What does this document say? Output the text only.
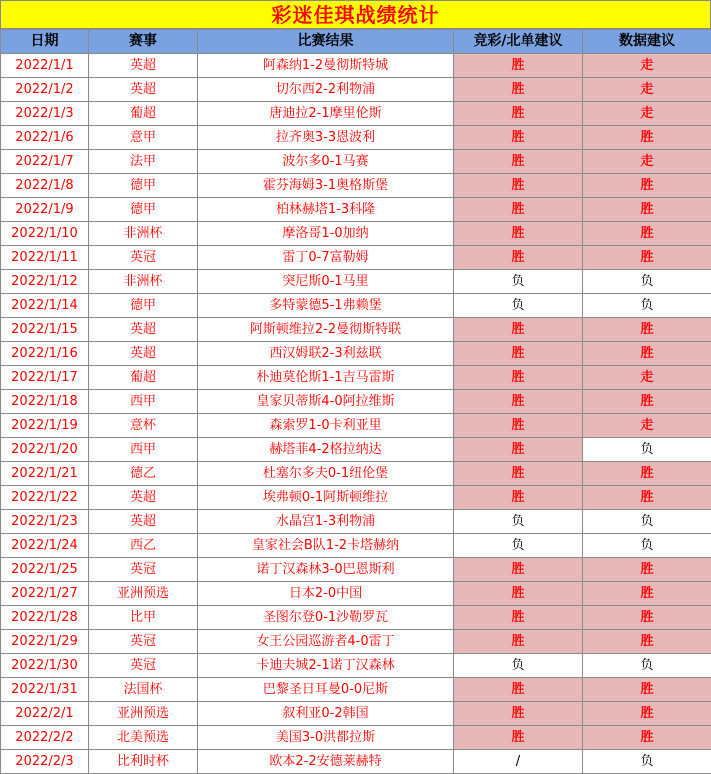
彩迷佳琪战绩统计
日期	赛事	比赛结果	竞彩/北单建议	数据建议
2022/1/1	英超	阿森纳1-2曼彻斯特城	胜	走
2022/1/2	英超	切尔西2-2利物浦	胜	走
2022/1/3	葡超	唐迪拉2-1摩里伦斯	胜	走
2022/1/6	意甲	拉齐奥3-3恩波利	胜	胜
2022/1/7	法甲	波尔多0-1马赛	胜	走
2022/1/8	德甲	霍芬海姆3-1奥格斯堡	胜	胜
2022/1/9	德甲	柏林赫塔1-3科隆	胜	胜
2022/1/10	非洲杯	摩洛哥1-0加纳	胜	胜
2022/1/11	英冠	雷丁0-7富勒姆	胜	胜
2022/1/12	非洲杯	突尼斯0-1马里	负	负
2022/1/14	德甲	多特蒙德5-1弗赖堡	负	负
2022/1/15	英超	阿斯顿维拉2-2曼彻斯特联	胜	胜
2022/1/16	英超	西汉姆联2-3利兹联	胜	胜
2022/1/17	葡超	朴迪莫伦斯1-1吉马雷斯	胜	走
2022/1/18	西甲	皇家贝蒂斯4-0阿拉维斯	胜	胜
2022/1/19	意杯	森索罗1-0卡利亚里	胜	走
2022/1/20	西甲	赫塔菲4-2格拉纳达	胜	负
2022/1/21	德乙	杜塞尔多夫0-1纽伦堡	胜	胜
2022/1/22	英超	埃弗顿0-1阿斯顿维拉	胜	胜
2022/1/23	英超	水晶宫1-3利物浦	负	负
2022/1/24	西乙	皇家社会B队1-2卡塔赫纳	负	负
2022/1/25	英冠	诺丁汉森林3-0巴恩斯利	胜	胜
2022/1/27	亚洲预选	日本2-0中国	胜	胜
2022/1/28	比甲	圣图尔登0-1沙勒罗瓦	胜	胜
2022/1/29	英冠	女王公园巡游者4-0雷丁	胜	胜
2022/1/30	英冠	卡迪夫城2-1诺丁汉森林	负	负
2022/1/31	法国杯	巴黎圣日耳曼0-0尼斯	胜	胜
2022/2/1	亚洲预选	叙利亚0-2韩国	胜	胜
2022/2/2	北美预选	美国3-0洪都拉斯	胜	胜
2022/2/3	比利时杯	欧本2-2安德莱赫特	/	负
